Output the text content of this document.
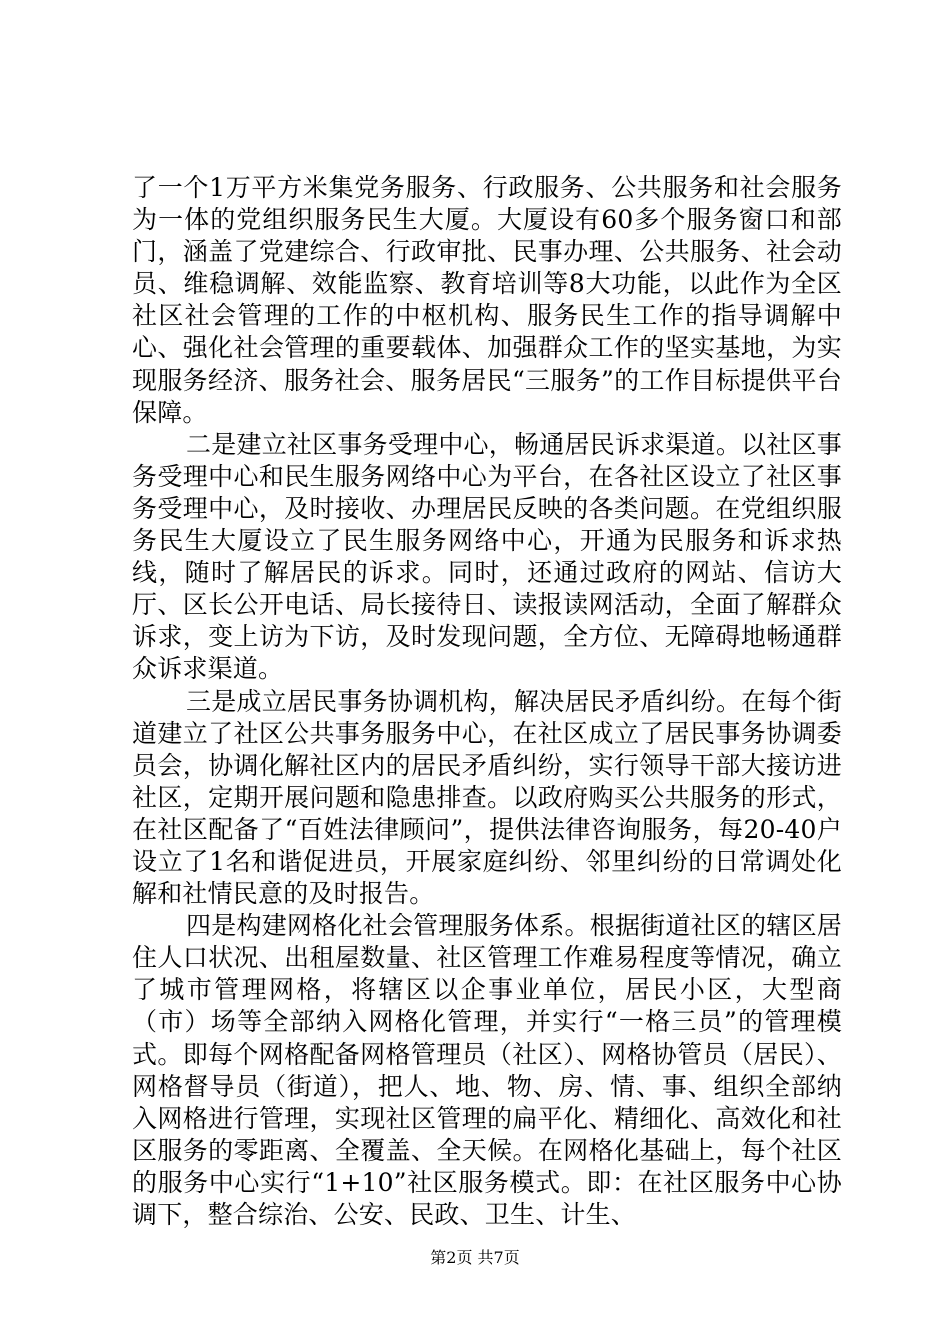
了一个1万平方米集党务服务、行政服务、公共服务和社会服务为一体的党组织服务民生大厦。大厦设有60多个服务窗口和部门，涵盖了党建综合、行政审批、民事办理、公共服务、社会动员、维稳调解、效能监察、教育培训等8大功能，以此作为全区社区社会管理的工作的中枢机构、服务民生工作的指导调解中心、强化社会管理的重要载体、加强群众工作的坚实基地，为实现服务经济、服务社会、服务居民“三服务”的工作目标提供平台保障。

二是建立社区事务受理中心，畅通居民诉求渠道。以社区事务受理中心和民生服务网络中心为平台，在各社区设立了社区事务受理中心，及时接收、办理居民反映的各类问题。在党组织服务民生大厦设立了民生服务网络中心，开通为民服务和诉求热线，随时了解居民的诉求。同时，还通过政府的网站、信访大厅、区长公开电话、局长接待日、读报读网活动，全面了解群众诉求，变上访为下访，及时发现问题，全方位、无障碍地畅通群众诉求渠道。

三是成立居民事务协调机构，解决居民矛盾纠纷。在每个街道建立了社区公共事务服务中心，在社区成立了居民事务协调委员会，协调化解社区内的居民矛盾纠纷，实行领导干部大接访进社区，定期开展问题和隐患排查。以政府购买公共服务的形式，在社区配备了“百姓法律顾问”，提供法律咨询服务，每20-40户设立了1名和谐促进员，开展家庭纠纷、邻里纠纷的日常调处化解和社情民意的及时报告。

四是构建网格化社会管理服务体系。根据街道社区的辖区居住人口状况、出租屋数量、社区管理工作难易程度等情况，确立了城市管理网格，将辖区以企事业单位，居民小区，大型商（市）场等全部纳入网格化管理，并实行“一格三员”的管理模式。即每个网格配备网格管理员（社区）、网格协管员（居民）、网格督导员（街道），把人、地、物、房、情、事、组织全部纳入网格进行管理，实现社区管理的扁平化、精细化、高效化和社区服务的零距离、全覆盖、全天候。在网格化基础上，每个社区的服务中心实行“1+10”社区服务模式。即：在社区服务中心协调下，整合综治、公安、民政、卫生、计生、

第2页 共7页
